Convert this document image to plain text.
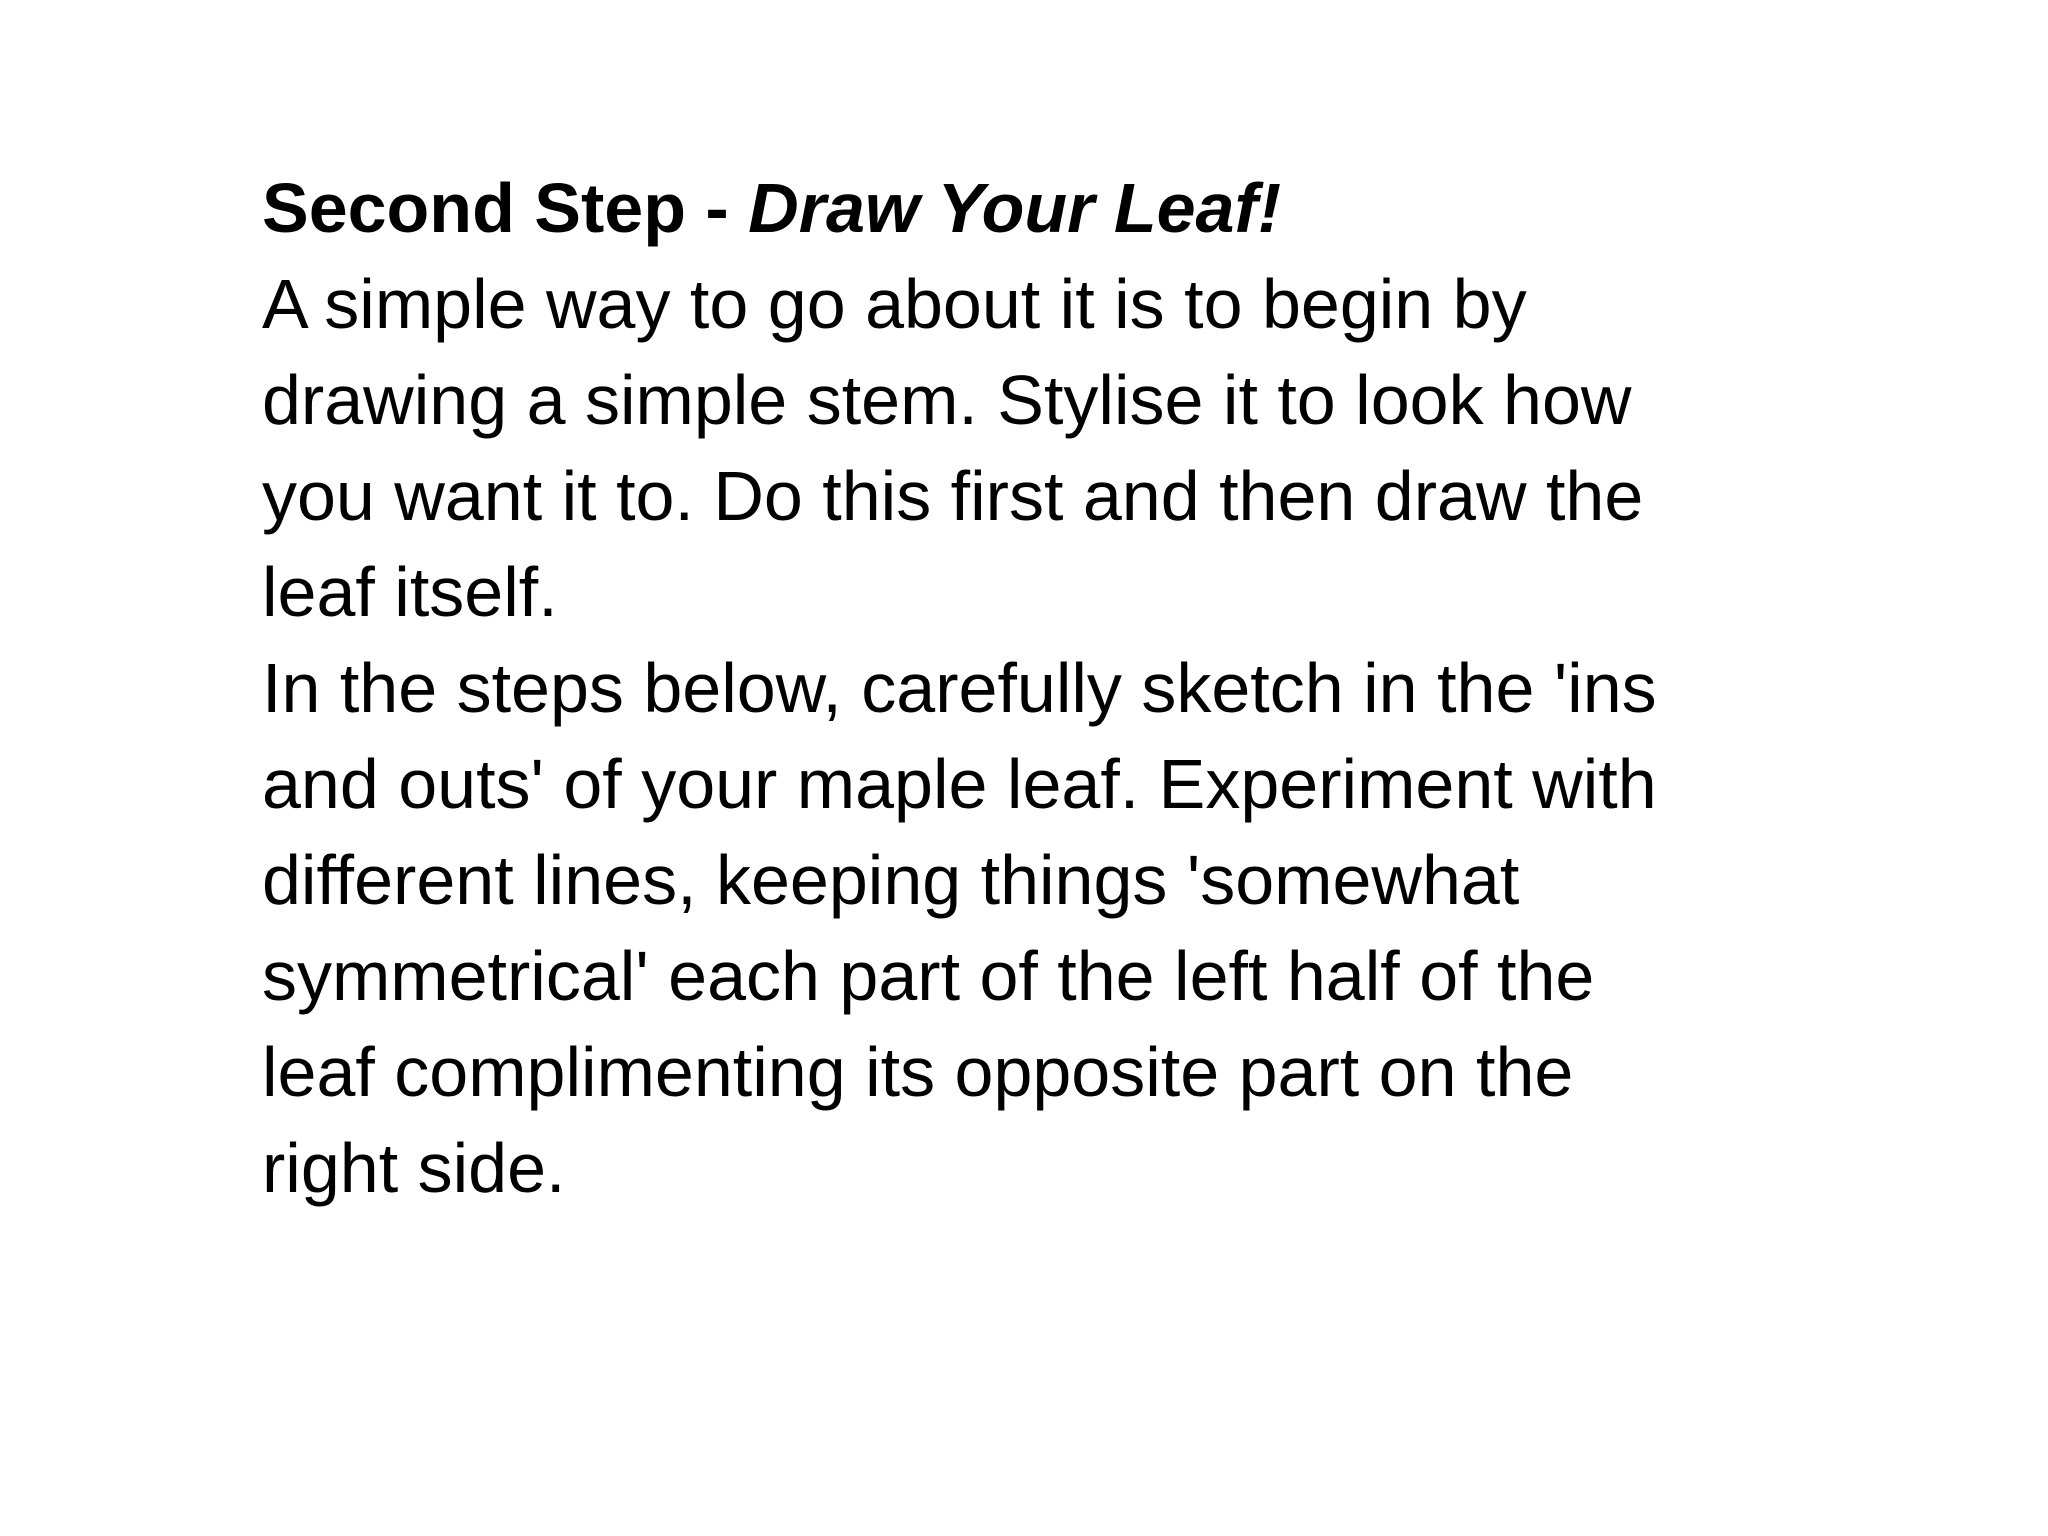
Second Step - Draw Your Leaf!

A simple way to go about it is to begin by
drawing a simple stem. Stylise it to look how
you want it to. Do this first and then draw the
leaf itself.

In the steps below, carefully sketch in the 'ins
and outs' of your maple leaf. Experiment with
different lines, keeping things 'somewhat
symmetrical' each part of the left half of the
leaf complimenting its opposite part on the
right side.
